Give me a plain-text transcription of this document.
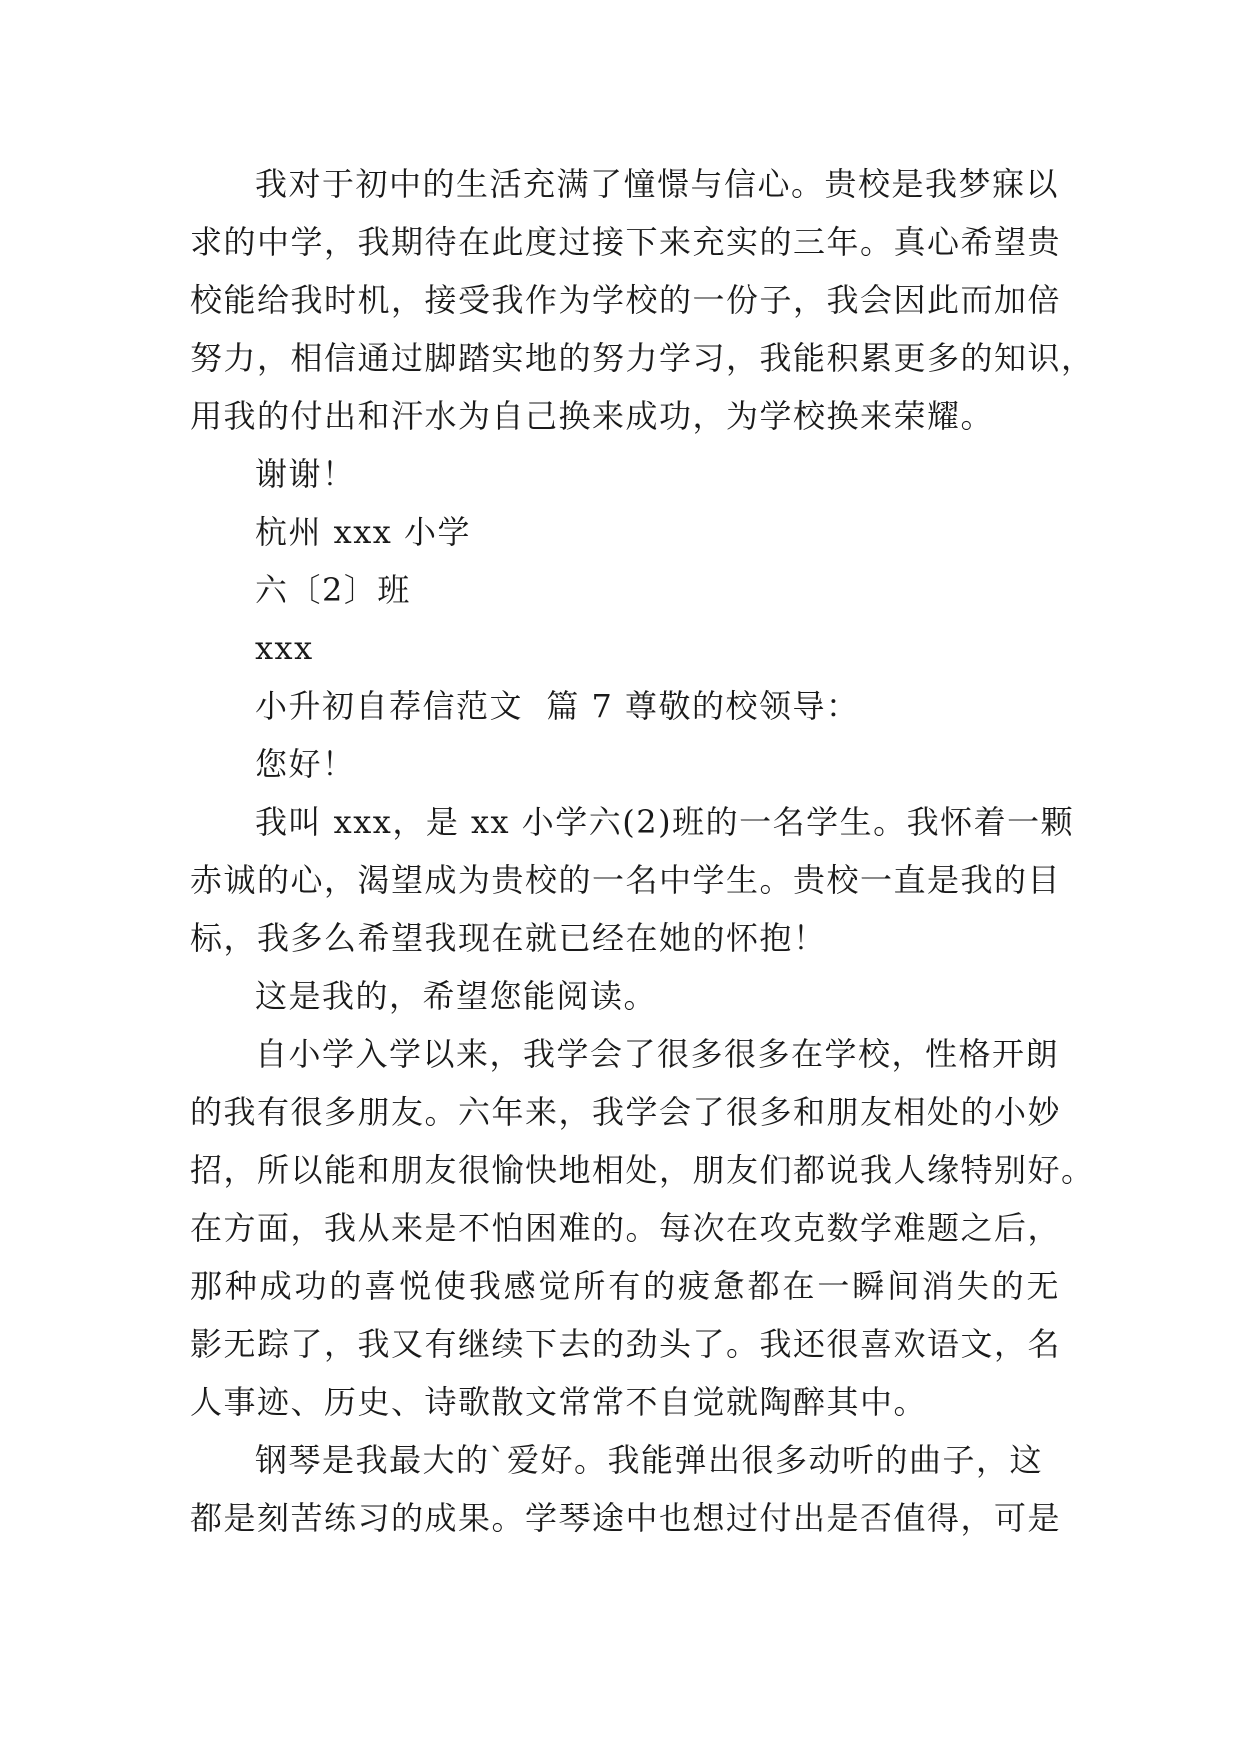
我对于初中的生活充满了憧憬与信心。贵校是我梦寐以
求的中学，我期待在此度过接下来充实的三年。真心希望贵
校能给我时机，接受我作为学校的一份子，我会因此而加倍
努力，相信通过脚踏实地的努力学习，我能积累更多的知识，
用我的付出和汗水为自己换来成功，为学校换来荣耀。
谢谢！
杭州 xxx 小学
六〔2〕班
xxx
小升初自荐信范文  篇 7 尊敬的校领导：
您好！
我叫 xxx，是 xx 小学六(2)班的一名学生。我怀着一颗
赤诚的心，渴望成为贵校的一名中学生。贵校一直是我的目
标，我多么希望我现在就已经在她的怀抱！
这是我的，希望您能阅读。
自小学入学以来，我学会了很多很多在学校，性格开朗
的我有很多朋友。六年来，我学会了很多和朋友相处的小妙
招，所以能和朋友很愉快地相处，朋友们都说我人缘特别好。
在方面，我从来是不怕困难的。每次在攻克数学难题之后，
那种成功的喜悦使我感觉所有的疲惫都在一瞬间消失的无
影无踪了，我又有继续下去的劲头了。我还很喜欢语文，名
人事迹、历史、诗歌散文常常不自觉就陶醉其中。
钢琴是我最大的`爱好。我能弹出很多动听的曲子，这
都是刻苦练习的成果。学琴途中也想过付出是否值得，可是
